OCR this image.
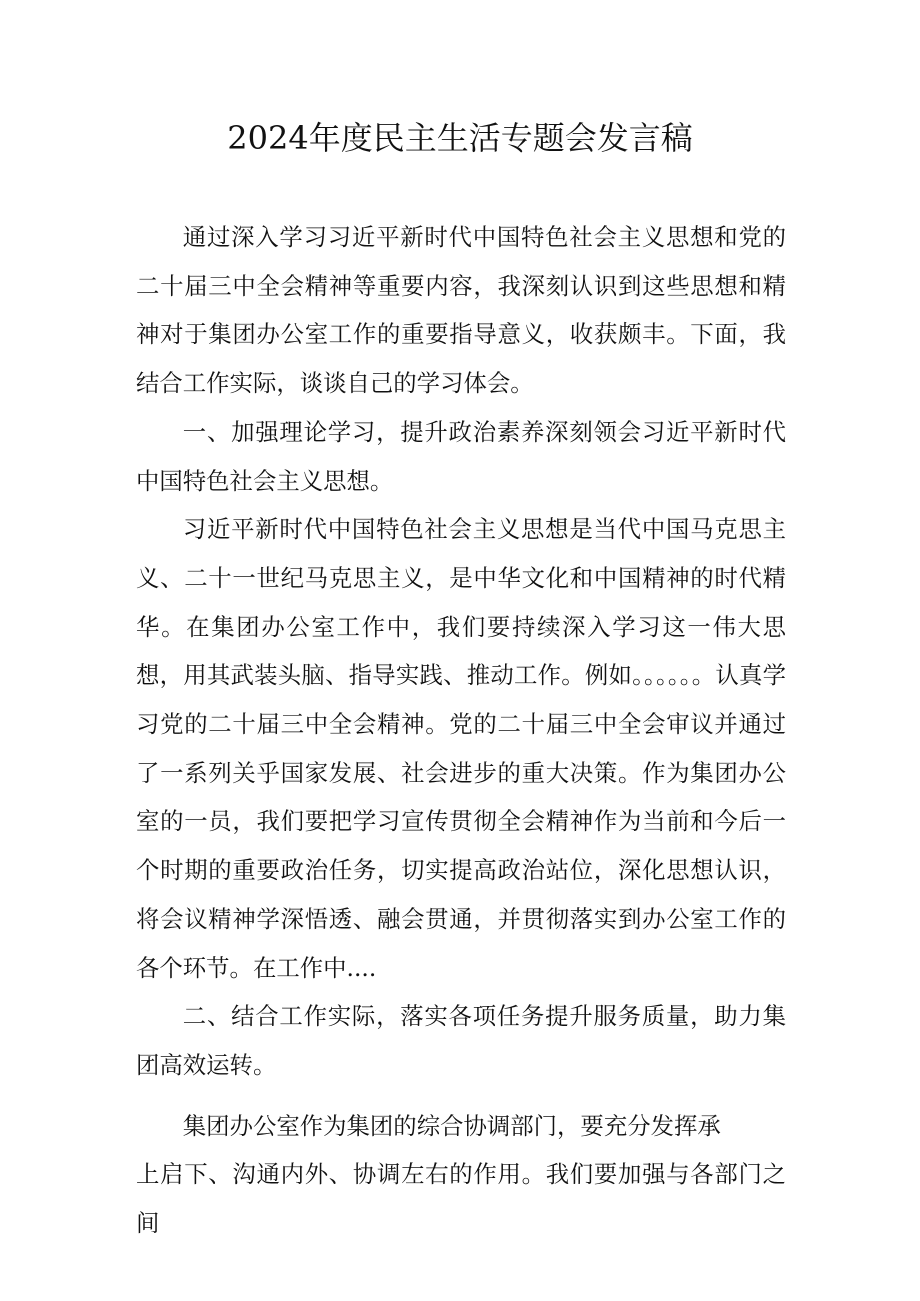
2024年度民主生活专题会发言稿

通过深入学习习近平新时代中国特色社会主义思想和党的二十届三中全会精神等重要内容，我深刻认识到这些思想和精神对于集团办公室工作的重要指导意义，收获颇丰。下面，我结合工作实际，谈谈自己的学习体会。

一、加强理论学习，提升政治素养深刻领会习近平新时代中国特色社会主义思想。

习近平新时代中国特色社会主义思想是当代中国马克思主义、二十一世纪马克思主义，是中华文化和中国精神的时代精华。在集团办公室工作中，我们要持续深入学习这一伟大思想，用其武装头脑、指导实践、推动工作。例如。。。。。。认真学习党的二十届三中全会精神。党的二十届三中全会审议并通过了一系列关乎国家发展、社会进步的重大决策。作为集团办公室的一员，我们要把学习宣传贯彻全会精神作为当前和今后一个时期的重要政治任务，切实提高政治站位，深化思想认识，将会议精神学深悟透、融会贯通，并贯彻落实到办公室工作的各个环节。在工作中....

二、结合工作实际，落实各项任务提升服务质量，助力集团高效运转。

集团办公室作为集团的综合协调部门，要充分发挥承

上启下、沟通内外、协调左右的作用。我们要加强与各部门之间
